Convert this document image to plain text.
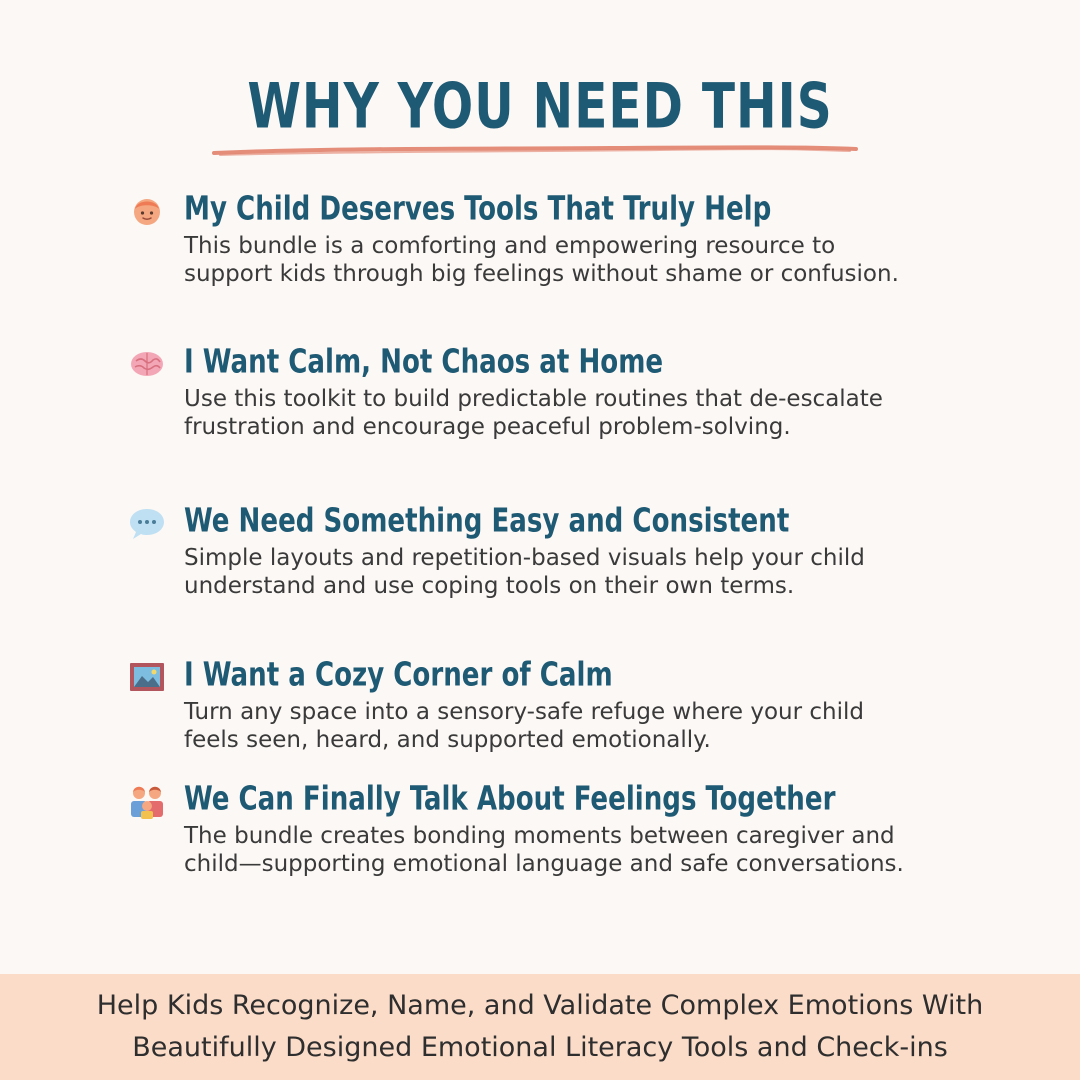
WHY YOU NEED THIS
My Child Deserves Tools That Truly Help
This bundle is a comforting and empowering resource to support kids through big feelings without shame or confusion.
I Want Calm, Not Chaos at Home
Use this toolkit to build predictable routines that de-escalate frustration and encourage peaceful problem-solving.
We Need Something Easy and Consistent
Simple layouts and repetition-based visuals help your child understand and use coping tools on their own terms.
I Want a Cozy Corner of Calm
Turn any space into a sensory-safe refuge where your child feels seen, heard, and supported emotionally.
We Can Finally Talk About Feelings Together
The bundle creates bonding moments between caregiver and child—supporting emotional language and safe conversations.
Help Kids Recognize, Name, and Validate Complex Emotions With Beautifully Designed Emotional Literacy Tools and Check-ins
